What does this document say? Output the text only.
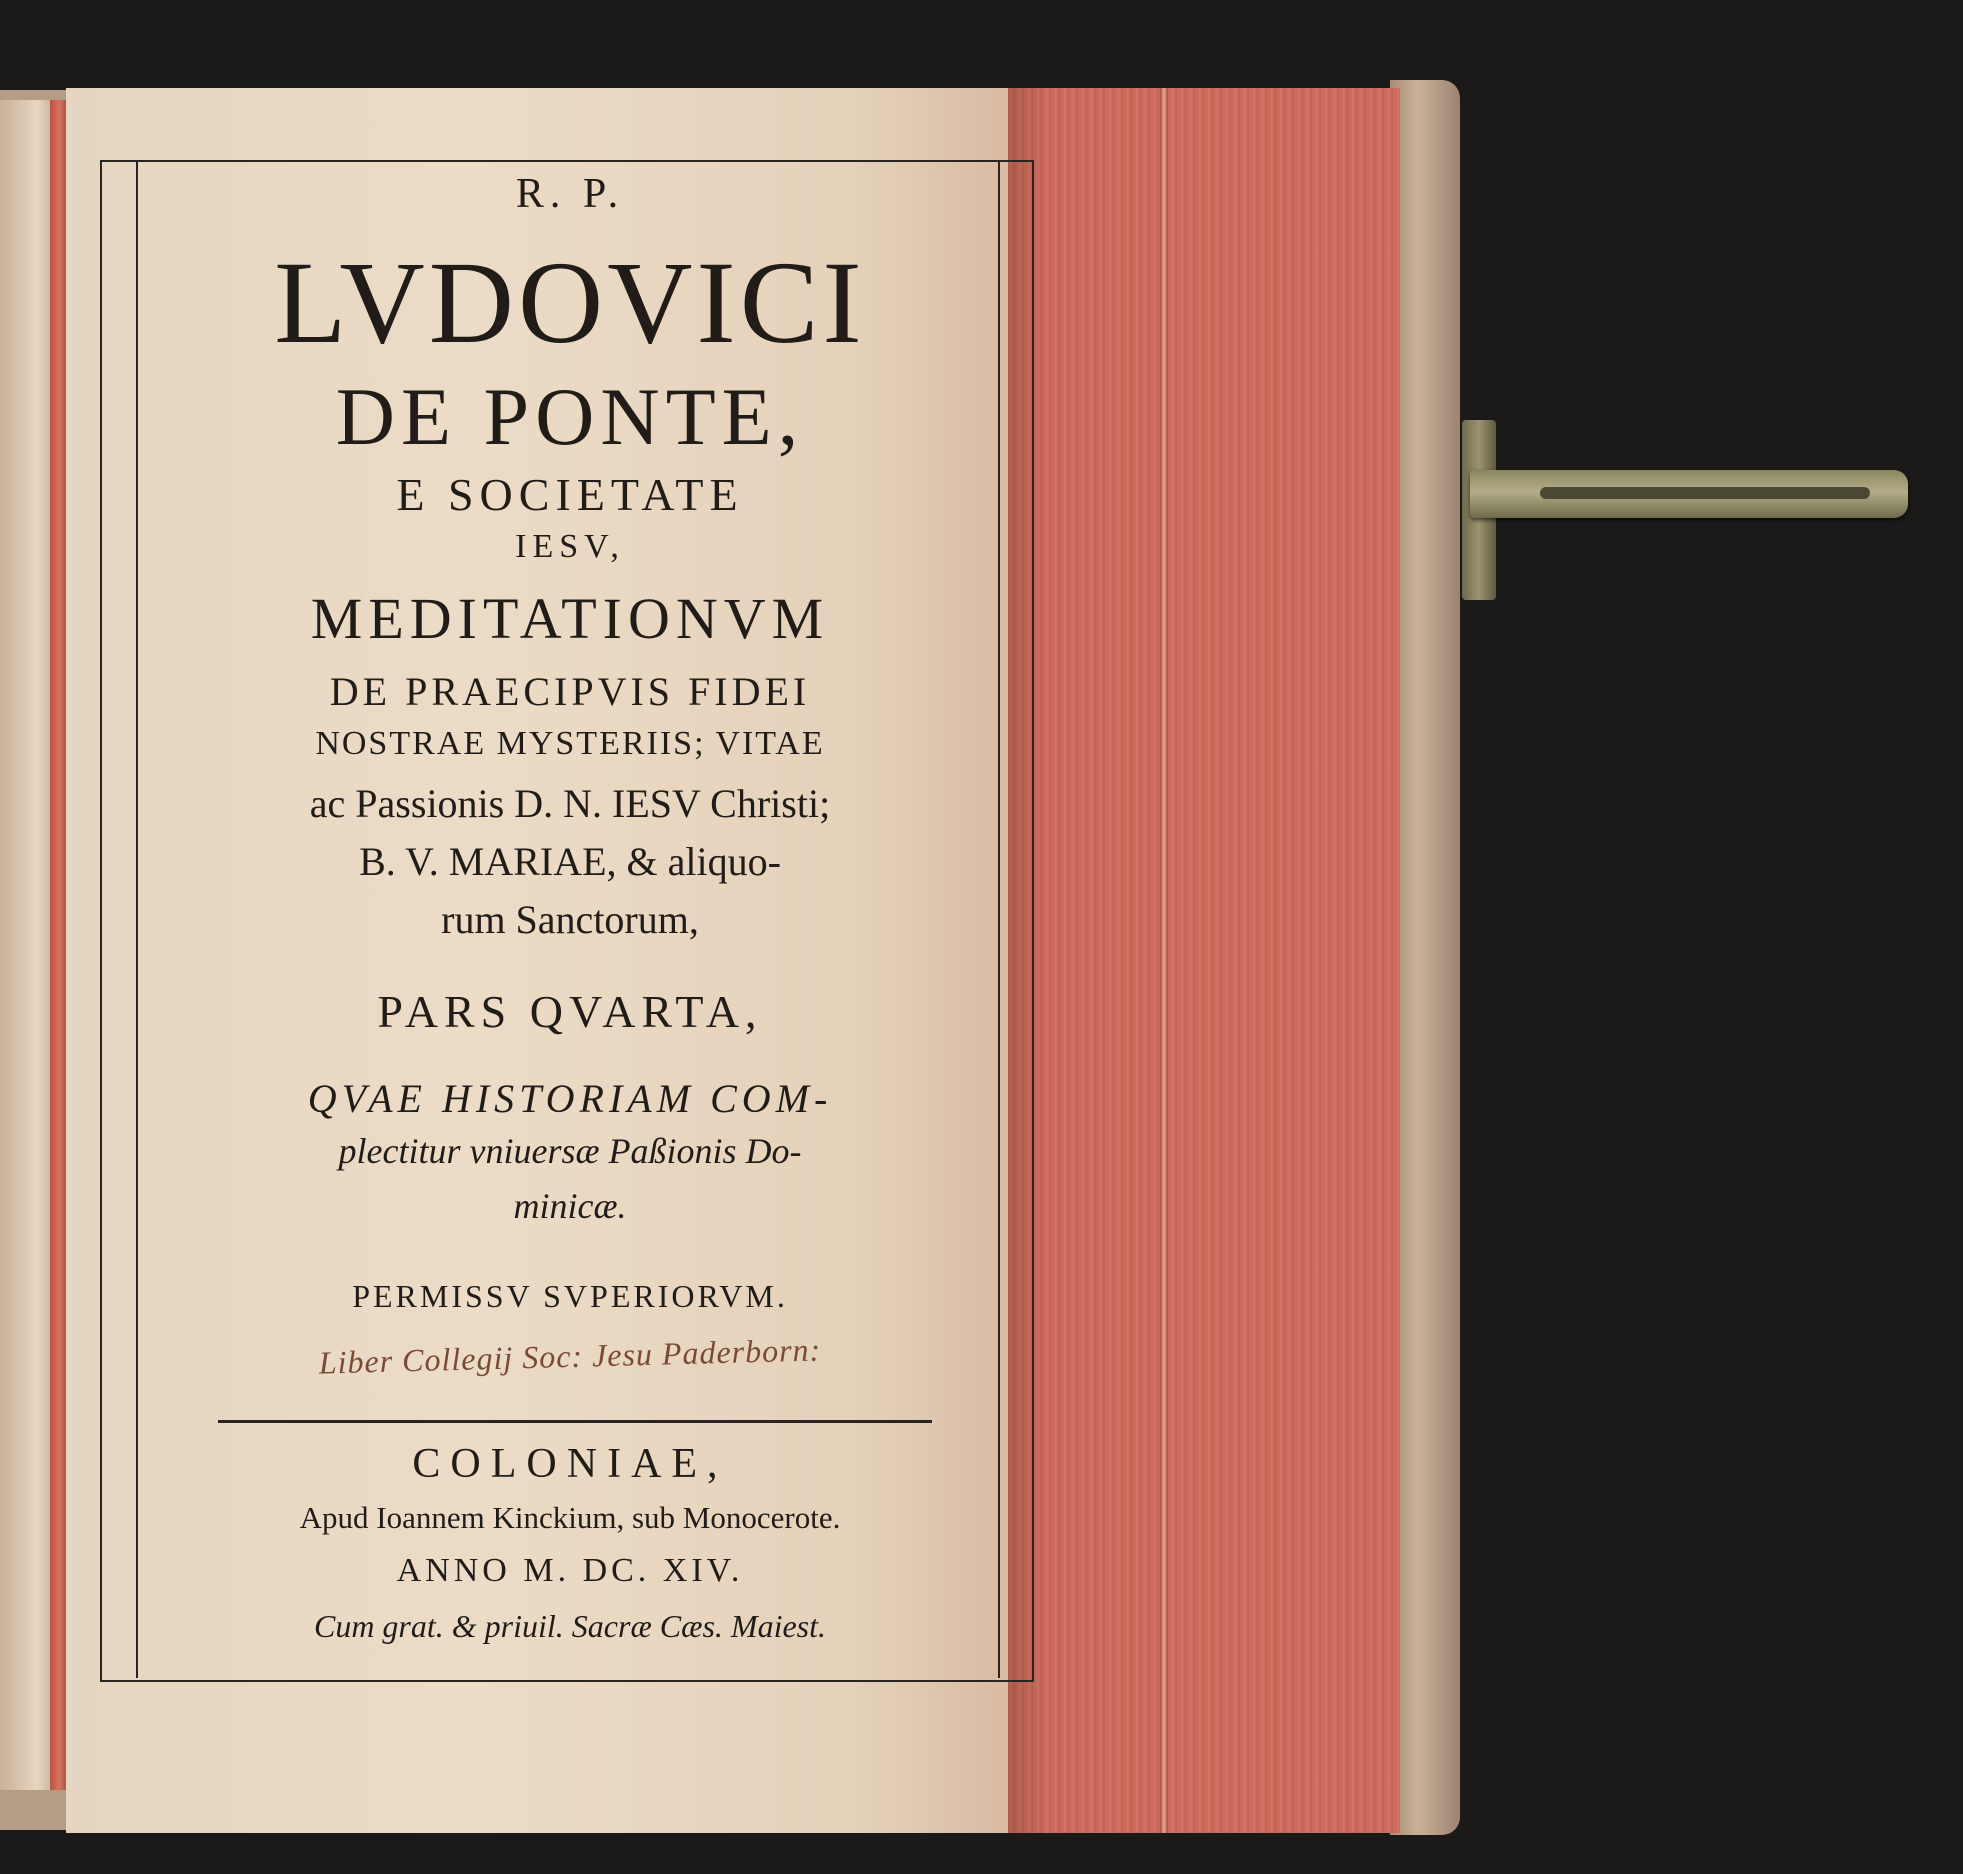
R. P.
LVDOVICI
DE PONTE,
E SOCIETATE
IESV,
MEDITATIONVM
DE PRAECIPVIS FIDEI
NOSTRAE MYSTERIIS; VITAE
ac Passionis D. N. IESV Christi;
B. V. MARIAE, & aliquo-
rum Sanctorum,
PARS QVARTA,
QVAE HISTORIAM COM-
plectitur vniuersæ Paßionis Do-
minicæ.
PERMISSV SVPERIORVM.
Liber Collegij Soc: Jesu Paderborn:
COLONIAE,
Apud Ioannem Kinckium, sub Monocerote.
ANNO M. DC. XIV.
Cum grat. & priuil. Sacræ Cæs. Maiest.
